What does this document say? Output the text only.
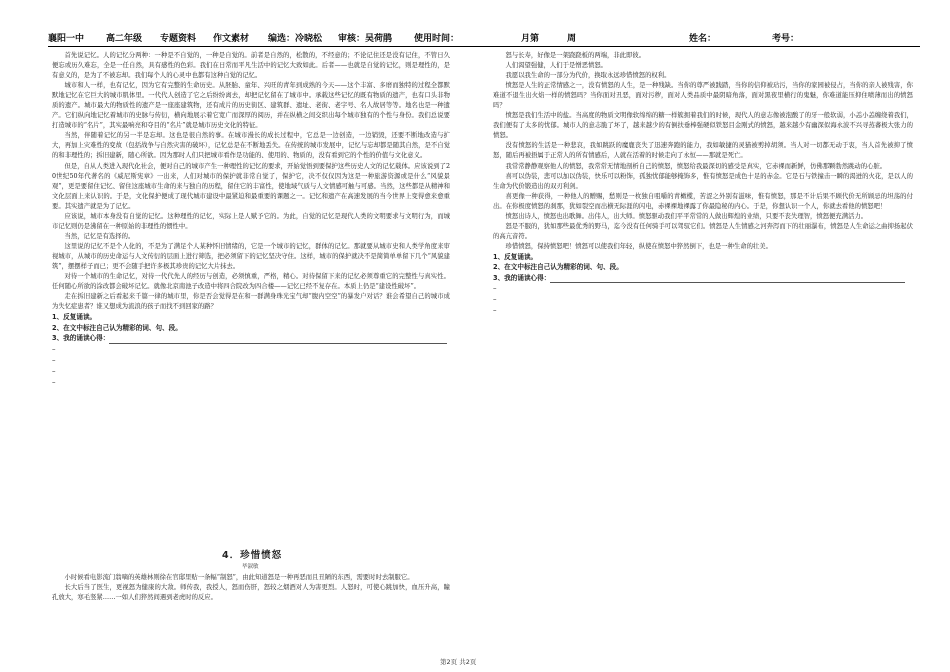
襄阳一中

高二年级

专题资料

作文素材

编选：冷晓松

审核：吴荷鹃

使用时间：

	月第

	周

	姓名：

	考号：

首先说记忆。人的记忆分两种：一种是不自觉的，一种是自觉的。前者是自然的，松散的，不经意的；不论记住还是没有记住，不管日久便忘或历久难忘，全是一任自然，具有感性的色彩。我们在日常而平凡生活中的记忆大致如此。后者——也就是自觉的记忆，则是理性的，是有意义的，是为了不被忘却。我们每个人的心灵中也都有这种自觉的记忆。

城市和人一样，也有记忆，因为它有完整的生命历史。从胚胎、童年、兴旺的青年到成熟的今天——这个丰富、多磨而独特的过程全都默默地记忆在它巨大的城市肌体里。一代代人创造了它之后纷纷离去，却把记忆留在了城市中。承载这些记忆的既有物质的遗产，也有口头非物质的遗产。城市最大的物质性的遗产是一座座建筑物，还有成片的历史街区、建筑群、遗址、老街、老字号、名人故居等等。地名也是一种遗产。它们纵向地记忆着城市的史脉与传衍，横向地展示着它宽广而深厚的阅历，并在纵横之间交织出每个城市独有的个性与身份。我们总说要打造城市的“名片”，其实最响亮和夺目的“名片”就是城市历史文化的特征。

当然，伴随着记忆的另一半是忘却。这也是很自然的事。在城市漫长的成长过程中，它总是一边创造，一边销毁，还要不断地改造与扩大，再加上灾难性的变故（包括战争与自然灾害的破坏），记忆总是在不断地丢失。在传统的城市发展中，记忆与忘却都是随其自然，是不自觉的和非理性的；拆旧建新，随心所欲。因为那时人们只把城市看作是功能的、使用的、物质的，没有看到它的个性的价值与文化意义。

但是，自从人类进入现代化社会，便对自己的城市产生一种理性的记忆的要求，开始觉悟到要保护这些历史人文的记忆载体。应该说到了20世纪50年代著名的《威尼斯宪章》一出来，人们对城市的保护就非常自觉了，保护它，决不仅仅因为这是一种旅游资源或是什么“风貌景观”，更是要留住记忆、留住这座城市生命的来与独自的历程，留住它的丰富性，使地域气质与人文情感可触与可感。当然，这些都是从精神和文化层面上来认识的。于是，文化保护便成了现代城市建设中最紧迫和最重要的课题之一。记忆和遗产在高速发展的当今世界上变得愈来愈重要。其实遗产就是为了记忆。

应该说，城市本身没有自觉的记忆。这种理性的记忆，实际上是人赋予它的。为此，自觉的记忆是现代人类的文明要求与文明行为，而城市记忆则仍是沸留在一种原始的非理性的惯性中。

当然，记忆是有选择的。

这里说的记忆不是个人化的，不是为了满足个人某种怀旧情绪的，它是一个城市的记忆，群体的记忆。那就要从城市史和人类学角度来审视城市，从城市的历史命运与人文传衍的层面上进行筛选，把必须留下的记忆坚决守住。这样，城市的保护就决不是简简单单留下几个“风貌建筑”，摆摆样子而已；更不会随手把许多极其珍贵的记忆大片抹去。

对待一个城市的生命记忆，对待一代代先人的经历与创造，必须慎重，严格，精心。对待保留下来的记忆必须尊重它的完整性与真实性。任何随心所欲的涂改都会破坏记忆。就像北京南池子改造中将四合院改为四合楼——记忆已经不复存在。本质上仍是“建设性破坏”。

走在拆旧建新之后看起来千篇一律的城市里，你是否会觉得是在和一群满身珠光宝气却“腹内空空”的暴发户对话？谁会希望自己的城市成为失忆症患者？谁又想成为流浪的孩子而找不到回家的路？

1、反复诵读。

2、在文中标注自己认为精彩的词、句、段。

3、我的诵读心得：

–

–

–

–

4．珍惜愤怒
毕淑敏

小时候看电影流门翁嘀的英雄林则徐在官邸里贴一条幅“制怒”，由此知道怒是一种再恶而且丑陋的东西，需要时时去制服它。

长大后当了医生，更视怒为健康的大敌。师传我，我授人，怒而伤肝，怒较之烟酒对人为害更烈。人怒时，可使心跳加快，血压升高，瞳孔放大，寒毛竖紧……一如人们猝然间遇到老虎时的反应。

怒与长寿，好像是一架跷跷板的两端，非此即彼。

人们渴望强健，人们于是憎恶愤怒。

我愿以我生命的一部分为代价，换取永远珍惜愤怒的权利。

愤怒是人生的正常情感之一，没有愤怒的人生，是一种残缺。当你的尊严被践踏，当你的信仰被玷污，当你的家园被侵占，当你的亲人被残害，你难道不退生出火焰一样的愤怒吗？当你面对丑恶，面对污秽，面对人类品质中最阴暗角落，面对黑夜里横行的鬼魅，你难道能压抑住喷薄而出的愤怒吗？

愤怒是我们生活中的盐。当高度的物质文明像软绵绵的糖一样簇拥着我们的时候，现代人的意志像被泡酸了的牙一般软弱，小恙小恙缠绕着我们，我们便有了太多的忧郁。城市人的意志脆了坏了，越来越少的有倒扶垂棒强硬似铁怒目金刚式的愤怒，越来越少有幽深似海永波不兴寻蒸蕃极大张力的愤怒。

没有愤怒的生活是一种悲哀，我如跳跃的魔鹿丧失了迅速奔跑的能力，我如敏捷的灵猫被剪掉胡须。当人对一切都无动于衷，当人首先被抑了愤怒，随后再被捂属于正常人的所有情感后，人就在活着的时候走向了永恒——那就是死亡。

我常常静静观察他人的愤怒，我常常无情地剖析自己的愤怒，愤怒给我最深切的感受是真实，它赤裸而新鲜，仿佛那颗勃然跳动的心脏。

喜可以伪装，悲可以加以伪装，快乐可以粉饰，孤独忧郁能够掩饰多，惟有愤怒是成色十足的赤金。它是石与铁撞击一瞬的渴迸的火花，是以人的生命为代价锻造出的双刃利剑。

喜更像一种获得，一种他人的赠赐，愁则是一枚独自咀嚼的青橄榄，苦涩之外别有滋味，惟有愤怒，那是不计后果不顾代价无所顾忌的坦荡的付出。在你极度愤怒的刹那，犹如裂空而出横无际涯的闪电，赤裸裸地裸露了你最隐秘的内心。于是，你想认识一个人，你就去看他的愤怒吧！

愤怒出诗人，愤怒也出歌舞。出伟人，出大师。愤怒驱动我们平平常常的人做出辉煌的业绩，只要不丧失理智，愤怒便充满活力。

怒是不服的，犹如那些最优秀的野马，迄今没有任何骑手可以驾驭它们。愤怒是人生情感之河奔泻而下的壮丽瀑布，愤怒是人生命运之曲抑扬起伏的高亢音符。

珍惜愤怒，保持愤怒吧！愤怒可以使我们年轻，纵使在愤怒中猝然倒下，也是一种生命的壮美。

1、反复诵读。

2、在文中标注自己认为精彩的词、句、段。

3、我的诵读心得：

–

–

–

第2页 共2页
